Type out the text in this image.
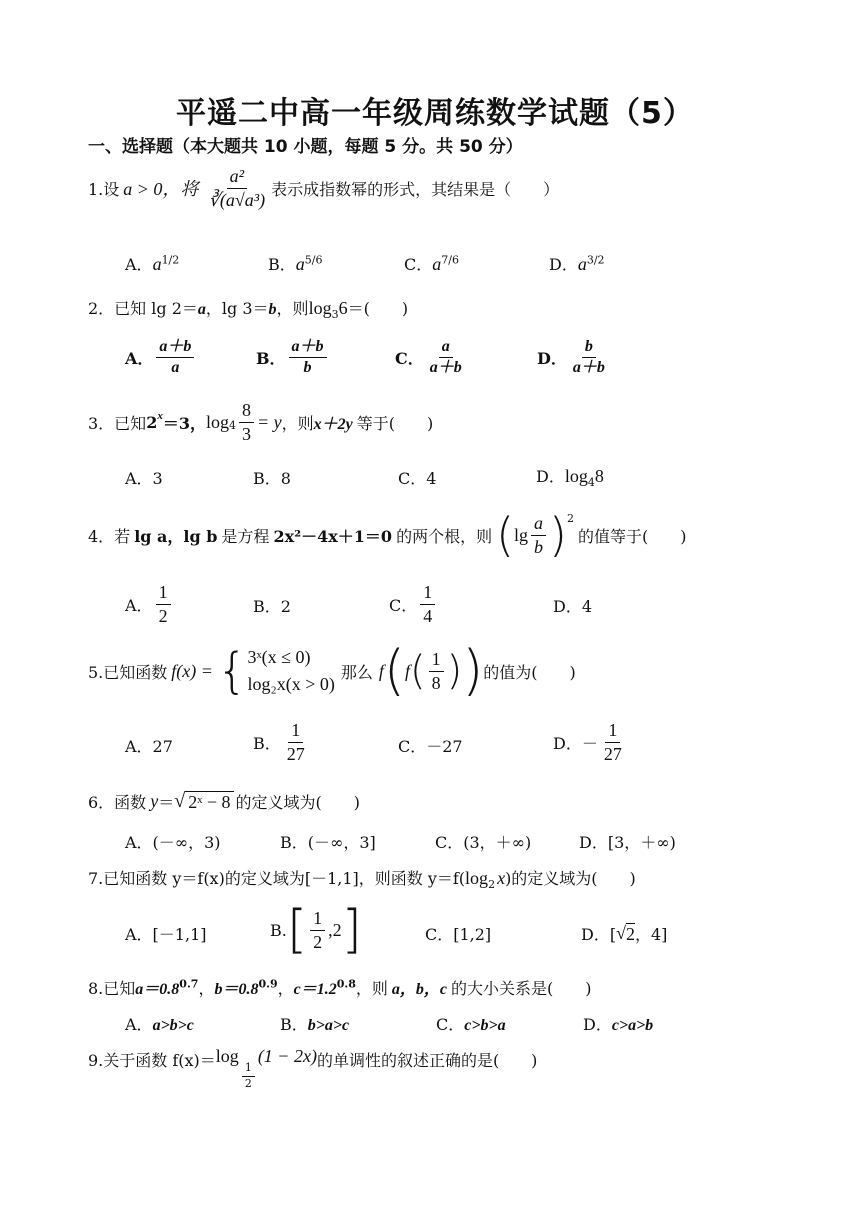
平遥二中高一年级周练数学试题（5）
一、选择题（本大题共 10 小题，每题 5 分。共 50 分）
1.设 a > 0，将 $\frac{\text{a²}}{\text{∛(a√a³)}}$ 表示成指数幂的形式，其结果是（　　）
A．$a^{1/2}$	B．$a^{5/6}$	C．$a^{7/6}$	D．$a^{3/2}$
2．已知 lg 2＝a，lg 3＝b，则$\log_36=$(　　)
A． $\frac{a+b}{a}$	B． $\frac{a+b}{b}$	C． $\frac{a}{a+b}$	D． $\frac{b}{a+b}$
3．已知 $2^x =3$， $\log_4 \frac{8}{3} = y$ ，则 x＋2y 等于(　　)
A．3	B．8	C．4	D．$\log_48$
4．若 lg a，lg b 是方程 2x²－4x＋1＝0 的两个根，则 ( $\lg \frac{a}{b} )^2$
的值等于(　　)
A． $\frac{1}{2}$	B．2	C． $\frac{1}{4}$	D．4
5.已知函数 f(x) = { 3ˣ(x ≤ 0)
log₂x(x > 0)
那么 f ( f ( $\frac{1}{8}$ ) ) 的值为(　　)
A．27	B． $\frac{1}{27}$	C．－27	D．－ $\frac{1}{27}$
6．函数 y ＝ √ 2ˣ − 8 的定义域为(　　)
A．(－∞，3)	B．(－∞，3]	C．(3，＋∞)	D．[3，＋∞)
7.已知函数 y＝f(x)的定义域为[－1,1]，则函数 $y=f(\log_2$ x)的定义域为(　　)
A．[－1,1]	B. [ $\frac{1}{2} ,2$ ]	C．[1,2]	D．[ √ 2 ，4]
8.已知$a=0.8^{0.7}$，$b=0.8^{0.9}$，$c=1.2^{0.8}$，则 a，b，c 的大小关系是(　　)
A．a>b>c	B．b>a>c	C．c>b>a	D．c>a>b
9.关于函数 f(x)＝ log
$\frac{1}{2}$
(1 − 2x) 的单调性的叙述正确的是(　　)
